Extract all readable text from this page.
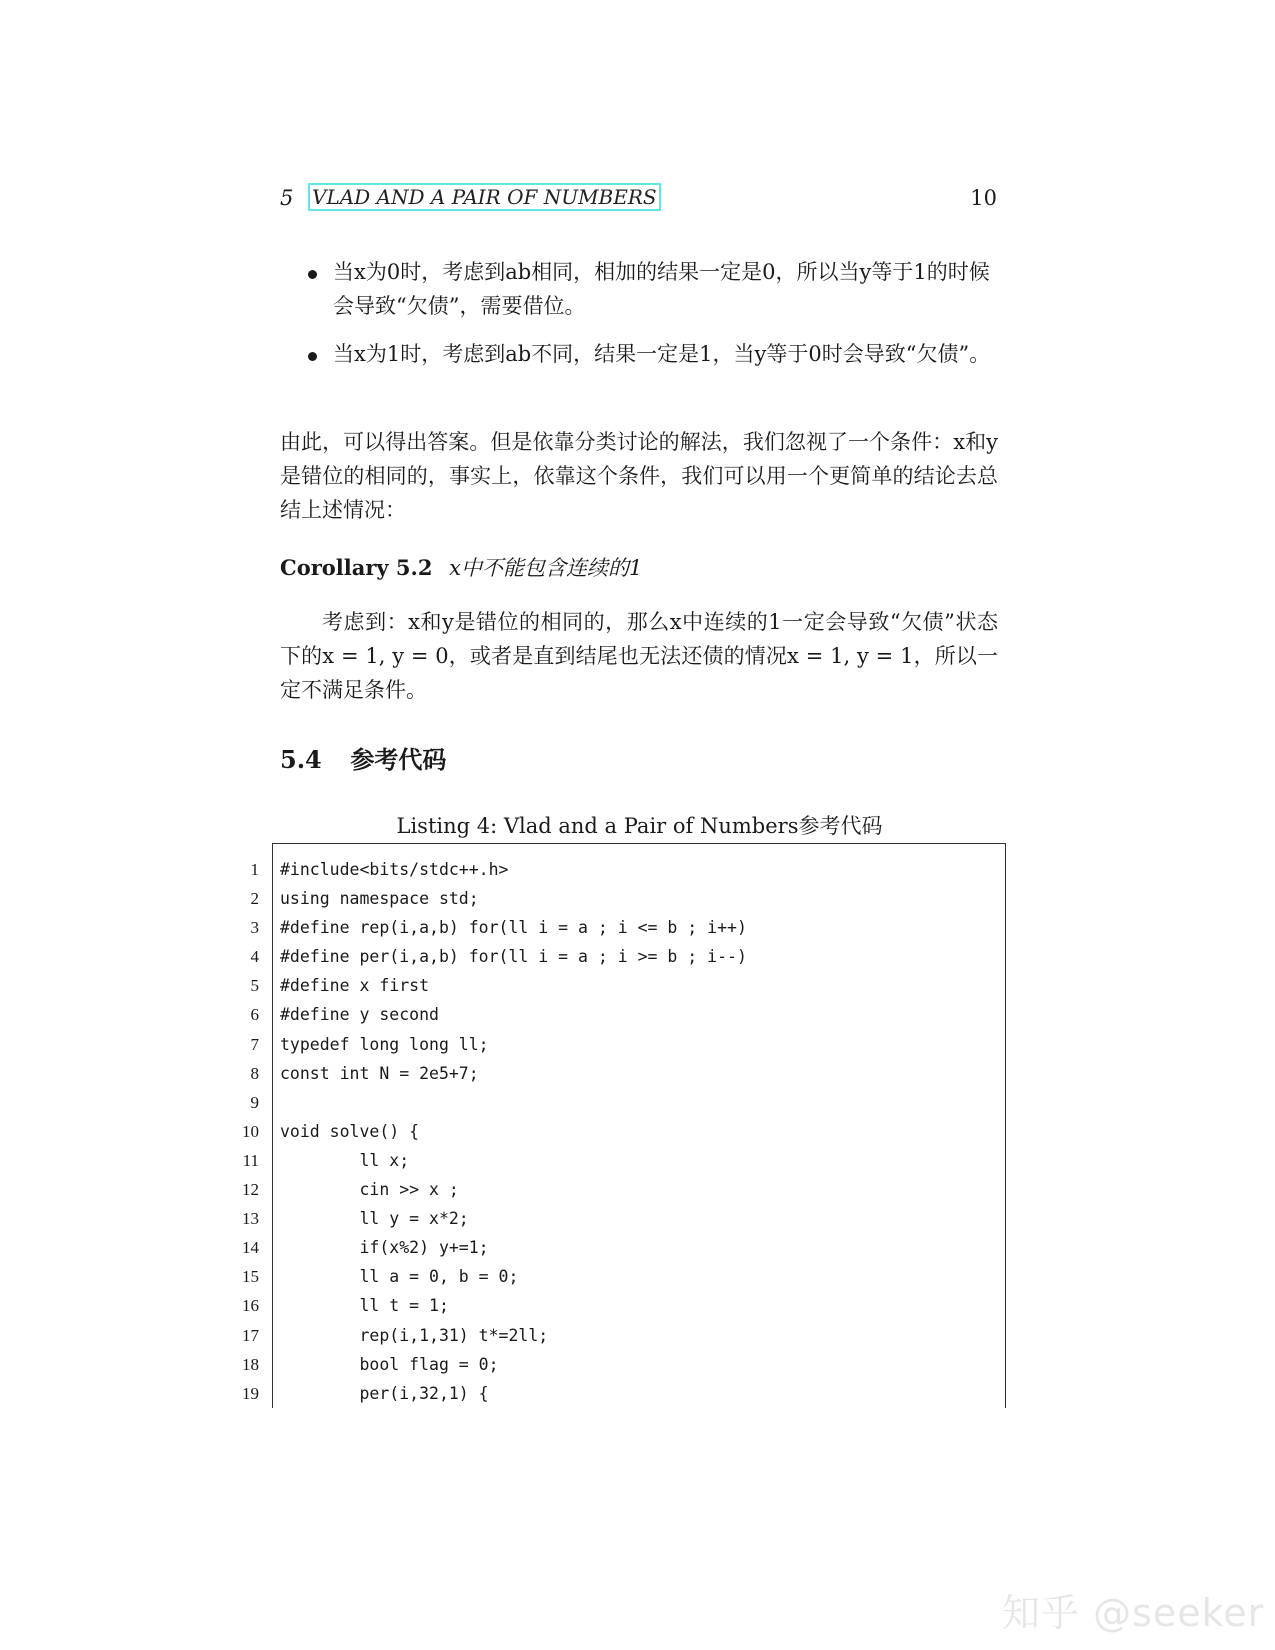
5 VLAD AND A PAIR OF NUMBERS	10
当x为0时，考虑到ab相同，相加的结果一定是0，所以当y等于1的时候会导致“欠债”，需要借位。
当x为1时，考虑到ab不同，结果一定是1，当y等于0时会导致“欠债”。
由此，可以得出答案。但是依靠分类讨论的解法，我们忽视了一个条件：x和y是错位的相同的，事实上，依靠这个条件，我们可以用一个更简单的结论去总结上述情况：
Corollary 5.2 x中不能包含连续的1
考虑到：x和y是错位的相同的，那么x中连续的1一定会导致“欠债”状态下的x = 1, y = 0，或者是直到结尾也无法还债的情况x = 1, y = 1，所以一定不满足条件。
5.4 参考代码
Listing 4: Vlad and a Pair of Numbers参考代码
1 #include<bits/stdc++.h>
2 using namespace std;
3 #define rep(i,a,b) for(ll i = a ; i <= b ; i++)
4 #define per(i,a,b) for(ll i = a ; i >= b ; i--)
5 #define x first
6 #define y second
7 typedef long long ll;
8 const int N = 2e5+7;
9
10 void solve() {
11 ll x;
12 cin >> x ;
13 ll y = x*2;
14 if(x%2) y+=1;
15 ll a = 0, b = 0;
16 ll t = 1;
17 rep(i,1,31) t*=2ll;
18 bool flag = 0;
19 per(i,32,1) {
知乎 @seeker
